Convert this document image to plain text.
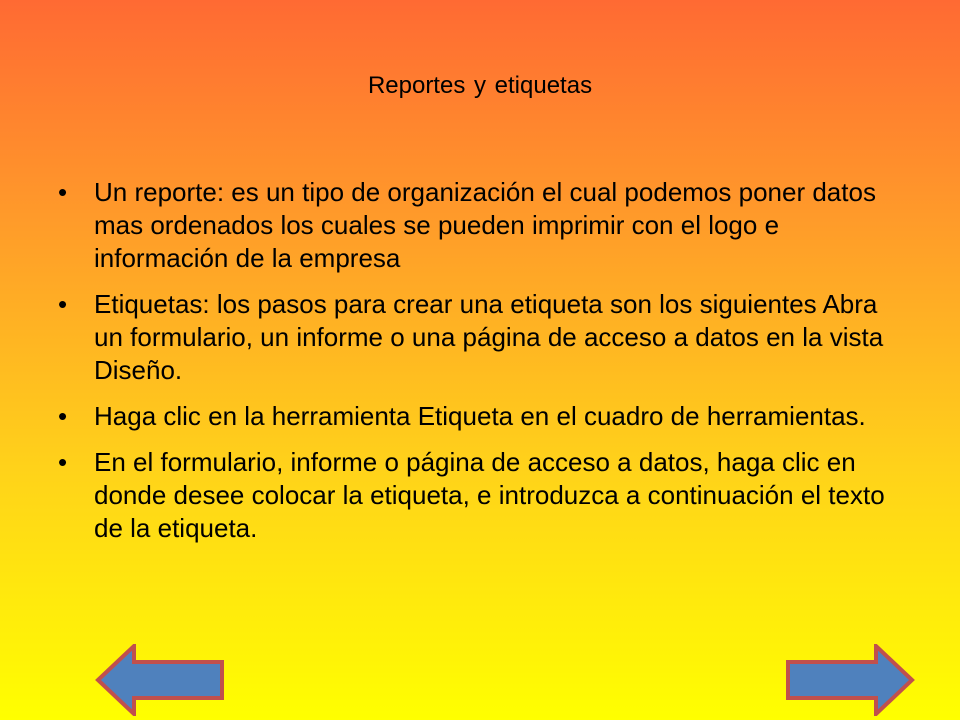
Reportes y etiquetas
•	Un reporte: es un tipo de organización el cual podemos poner datos mas ordenados los cuales se pueden imprimir con el logo e información de la empresa
•	Etiquetas: los pasos para crear una etiqueta son los siguientes Abra un formulario, un informe o una página de acceso a datos en la vista Diseño.
•	Haga clic en la herramienta Etiqueta en el cuadro de herramientas.
•	En el formulario, informe o página de acceso a datos, haga clic en donde desee colocar la etiqueta, e introduzca a continuación el texto de la etiqueta.
